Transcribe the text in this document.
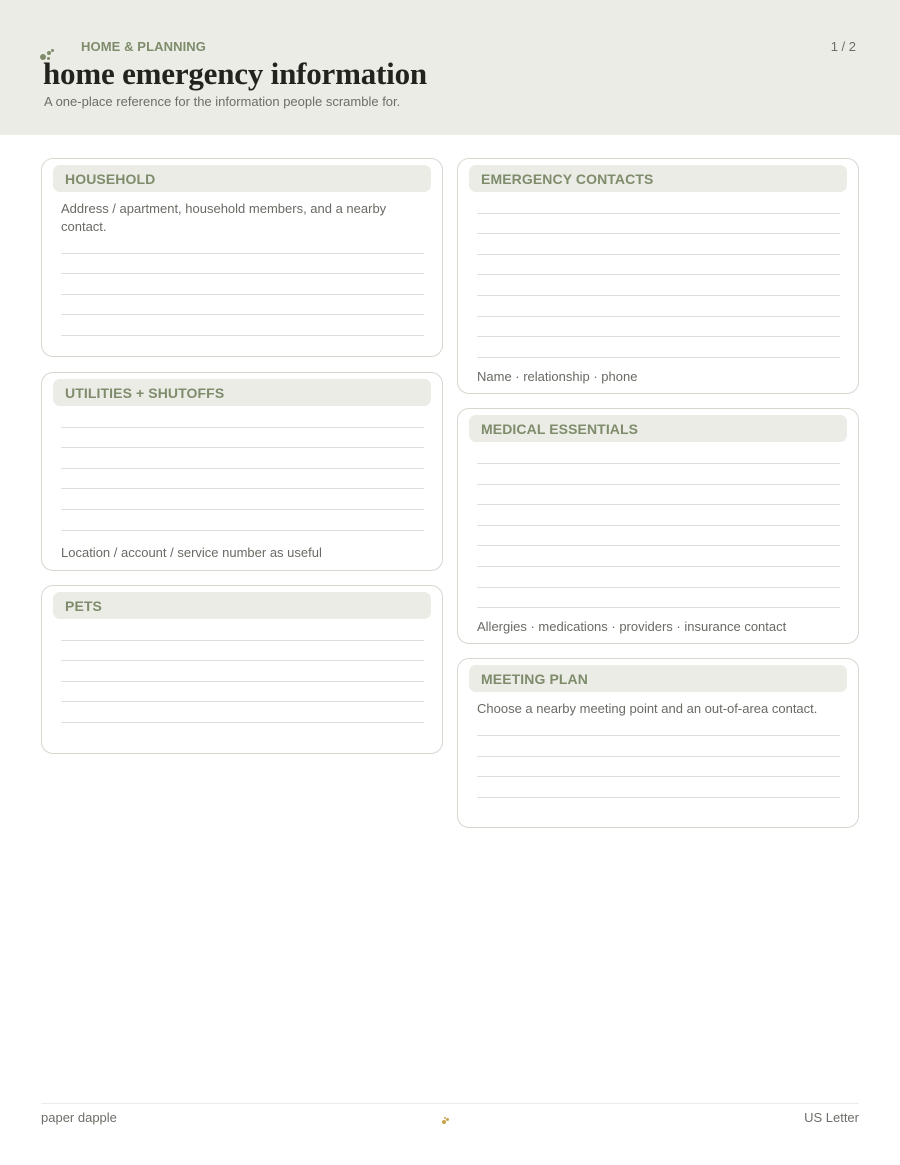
HOME & PLANNING	1 / 2
home emergency information
A one-place reference for the information people scramble for.
HOUSEHOLD
Address / apartment, household members, and a nearby contact.
UTILITIES + SHUTOFFS
Location / account / service number as useful
PETS
EMERGENCY CONTACTS
Name · relationship · phone
MEDICAL ESSENTIALS
Allergies · medications · providers · insurance contact
MEETING PLAN
Choose a nearby meeting point and an out-of-area contact.
paper dapple	US Letter
